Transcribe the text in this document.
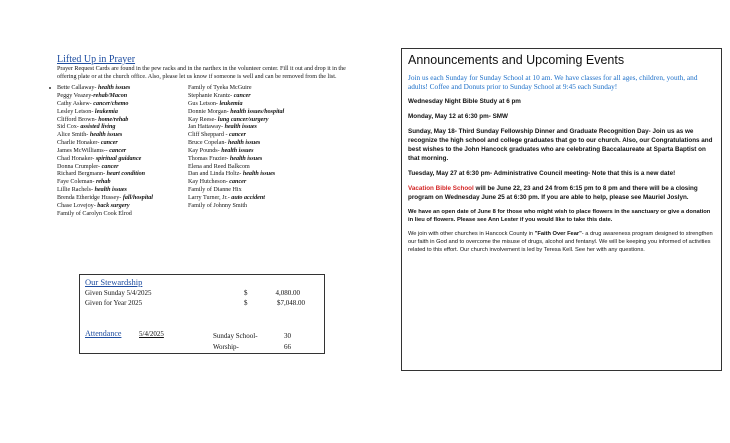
Lifted Up in Prayer
Prayer Request Cards are found in the pew racks and in the narthex in the volunteer center. Fill it out and drop it in the offering plate or at the church office. Also, please let us know if someone is well and can be removed from the list.
Bette Callaway- health issues
Peggy Veazey-rehab/Macon
Cathy Askew- cancer/chemo
Lesley Letson- leukemia
Clifford Brown- home/rehab
Sid Cox- assisted living
Alice Smith- health issues
Charlie Honaker- cancer
James McWilliams-- cancer
Chad Honaker- spiritual guidance
Donna Crumpler- cancer
Richard Bergmann- heart condition
Faye Coleman- rehab
Lillie Rachels- health issues
Brenda Etheridge Hussey- fall/hospital
Chase Lovejoy- back surgery
Family of Carolyn Cook Elrod
Family of Tyeka McGuire
Stephanie Krantz- cancer
Gus Letson- leukemia
Donnie Morgan- health issues/hospital
Kay Reese- lung cancer/surgery
Jan Hattaway- health issues
Cliff Sheppard - cancer
Bruce Copelan- health issues
Kay Pounds- health issues
Thomas Frazier- health issues
Elena and Reed Balkcom
Dan and Linda Holtz- health issues
Kay Hutcheson- cancer
Family of Dianne Hix
Larry Turner, Jr.- auto accident
Family of Johnny Smith
Our Stewardship
Given Sunday 5/4/2025	$	4,080.00
Given for Year 2025	$	$7,048.00
Attendance	5/4/2025	Sunday School-	30
Worship-	66
Announcements and Upcoming Events
Join us each Sunday for Sunday School at 10 am. We have classes for all ages, children, youth, and adults! Coffee and Donuts prior to Sunday School at 9:45 each Sunday!
Wednesday Night Bible Study at 6 pm
Monday, May 12 at 6:30 pm- SMW
Sunday, May 18- Third Sunday Fellowship Dinner and Graduate Recognition Day- Join us as we recognize the high school and college graduates that go to our church. Also, our Congratulations and best wishes to the John Hancock graduates who are celebrating Baccalaureate at Sparta Baptist on that morning.
Tuesday, May 27 at 6:30 pm- Administrative Council meeting- Note that this is a new date!
Vacation Bible School will be June 22, 23 and 24 from 6:15 pm to 8 pm and there will be a closing program on Wednesday June 25 at 6:30 pm. If you are able to help, please see Mauriel Joslyn.
We have an open date of June 8 for those who might wish to place flowers in the sanctuary or give a donation in lieu of flowers. Please see Ann Lester if you would like to take this date.
We join with other churches in Hancock County in "Faith Over Fear"- a drug awareness program designed to strengthen our faith in God and to overcome the misuse of drugs, alcohol and fentanyl. We will be keeping you informed of activities related to this effort. Our church involvement is led by Teresa Kell. See her with any questions.
